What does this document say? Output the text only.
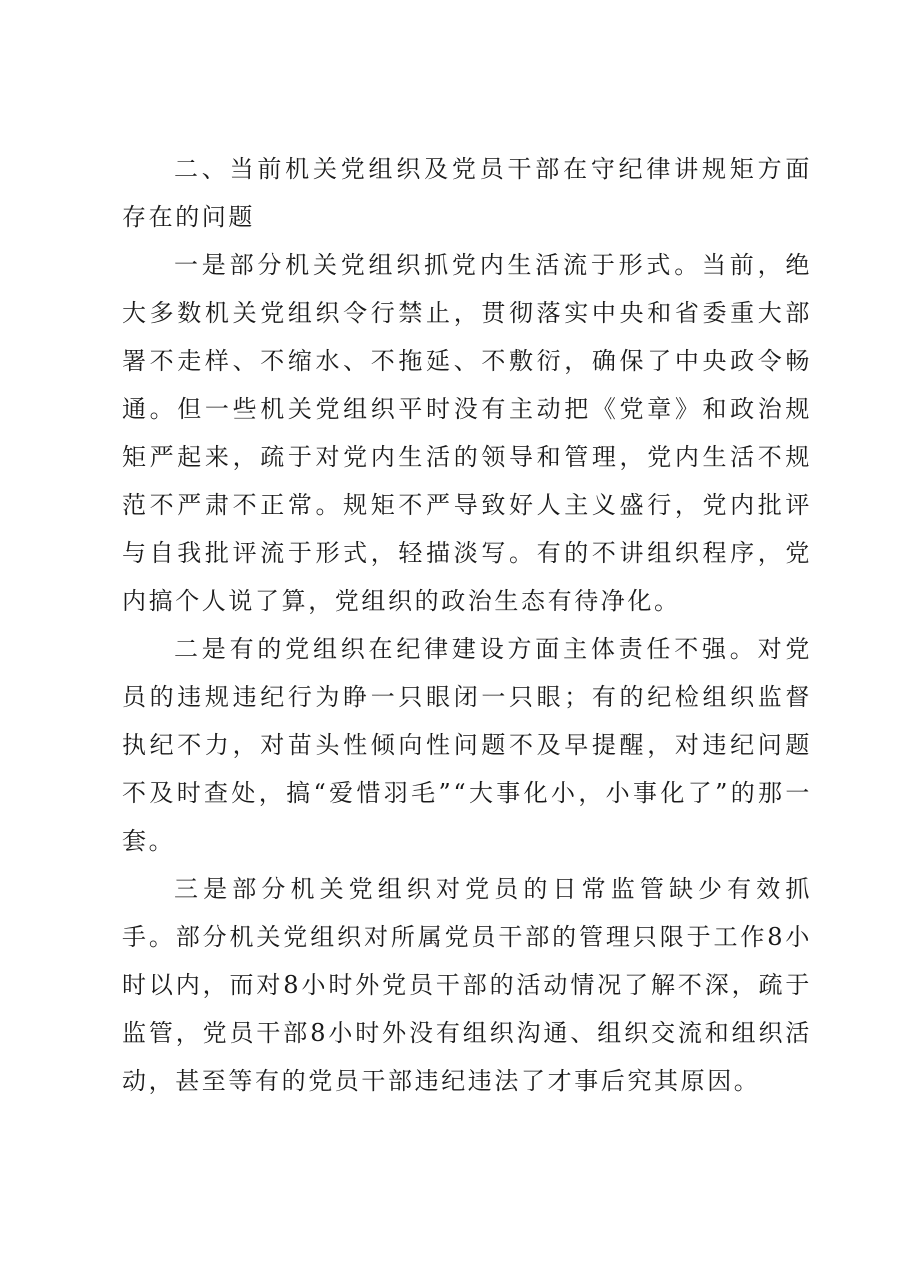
二、当前机关党组织及党员干部在守纪律讲规矩方面存在的问题

一是部分机关党组织抓党内生活流于形式。当前，绝大多数机关党组织令行禁止，贯彻落实中央和省委重大部署不走样、不缩水、不拖延、不敷衍，确保了中央政令畅通。但一些机关党组织平时没有主动把《党章》和政治规矩严起来，疏于对党内生活的领导和管理，党内生活不规范不严肃不正常。规矩不严导致好人主义盛行，党内批评与自我批评流于形式，轻描淡写。有的不讲组织程序，党内搞个人说了算，党组织的政治生态有待净化。

二是有的党组织在纪律建设方面主体责任不强。对党员的违规违纪行为睁一只眼闭一只眼；有的纪检组织监督执纪不力，对苗头性倾向性问题不及早提醒，对违纪问题不及时查处，搞“爱惜羽毛”“大事化小，小事化了”的那一套。

三是部分机关党组织对党员的日常监管缺少有效抓手。部分机关党组织对所属党员干部的管理只限于工作8小时以内，而对8小时外党员干部的活动情况了解不深，疏于监管，党员干部8小时外没有组织沟通、组织交流和组织活动，甚至等有的党员干部违纪违法了才事后究其原因。
